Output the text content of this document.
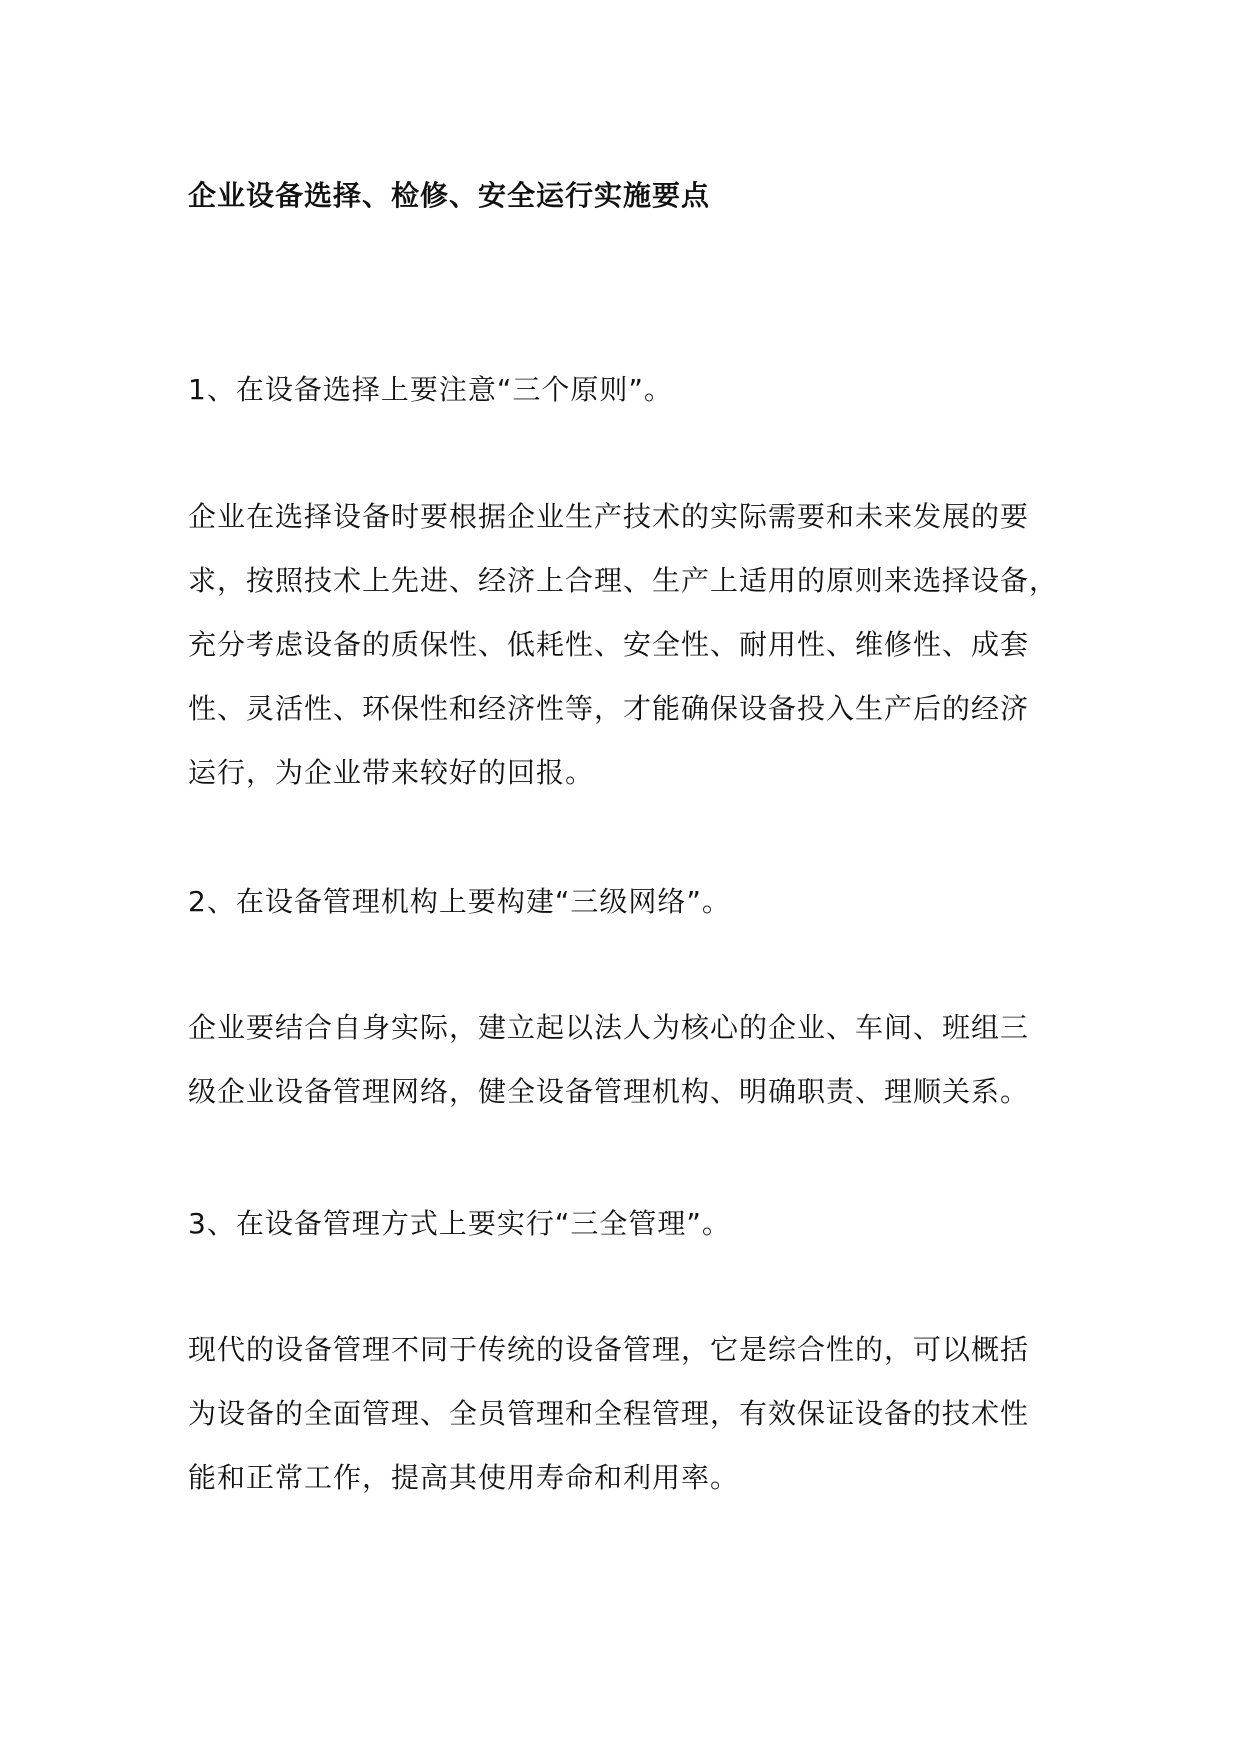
企业设备选择、检修、安全运行实施要点
1、在设备选择上要注意“三个原则”。
企业在选择设备时要根据企业生产技术的实际需要和未来发展的要
求，按照技术上先进、经济上合理、生产上适用的原则来选择设备，
充分考虑设备的质保性、低耗性、安全性、耐用性、维修性、成套
性、灵活性、环保性和经济性等，才能确保设备投入生产后的经济
运行，为企业带来较好的回报。
2、在设备管理机构上要构建“三级网络”。
企业要结合自身实际，建立起以法人为核心的企业、车间、班组三
级企业设备管理网络，健全设备管理机构、明确职责、理顺关系。
3、在设备管理方式上要实行“三全管理”。
现代的设备管理不同于传统的设备管理，它是综合性的，可以概括
为设备的全面管理、全员管理和全程管理，有效保证设备的技术性
能和正常工作，提高其使用寿命和利用率。
